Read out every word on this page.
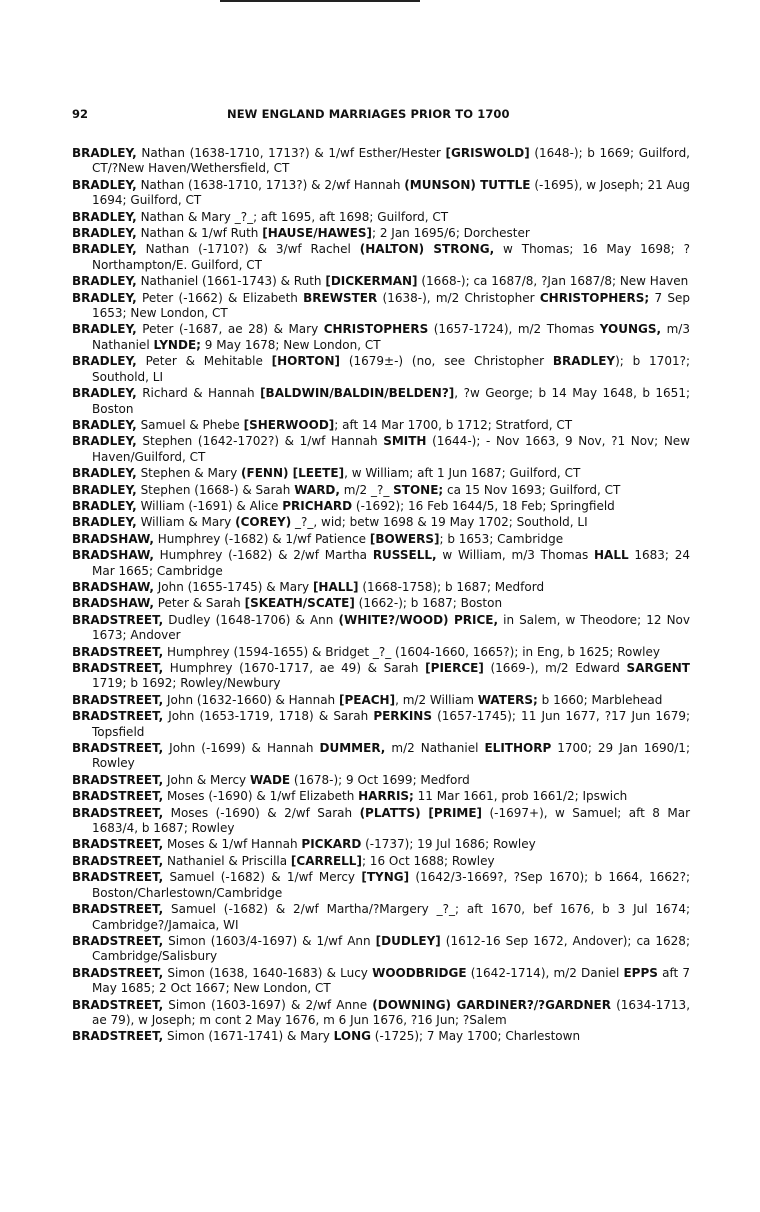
92	NEW ENGLAND MARRIAGES PRIOR TO 1700

BRADLEY, Nathan (1638-1710, 1713?) & 1/wf Esther/Hester [GRISWOLD] (1648-); b 1669; Guilford, CT/?New Haven/Wethersfield, CT

BRADLEY, Nathan (1638-1710, 1713?) & 2/wf Hannah (MUNSON) TUTTLE (-1695), w Joseph; 21 Aug 1694; Guilford, CT

BRADLEY, Nathan & Mary _?_; aft 1695, aft 1698; Guilford, CT

BRADLEY, Nathan & 1/wf Ruth [HAUSE/HAWES]; 2 Jan 1695/6; Dorchester

BRADLEY, Nathan (-1710?) & 3/wf Rachel (HALTON) STRONG, w Thomas; 16 May 1698; ?Northampton/E. Guilford, CT

BRADLEY, Nathaniel (1661-1743) & Ruth [DICKERMAN] (1668-); ca 1687/8, ?Jan 1687/8; New Haven

BRADLEY, Peter (-1662) & Elizabeth BREWSTER (1638-), m/2 Christopher CHRISTOPHERS; 7 Sep 1653; New London, CT

BRADLEY, Peter (-1687, ae 28) & Mary CHRISTOPHERS (1657-1724), m/2 Thomas YOUNGS, m/3 Nathaniel LYNDE; 9 May 1678; New London, CT

BRADLEY, Peter & Mehitable [HORTON] (1679±-) (no, see Christopher BRADLEY); b 1701?; Southold, LI

BRADLEY, Richard & Hannah [BALDWIN/BALDIN/BELDEN?], ?w George; b 14 May 1648, b 1651; Boston

BRADLEY, Samuel & Phebe [SHERWOOD]; aft 14 Mar 1700, b 1712; Stratford, CT

BRADLEY, Stephen (1642-1702?) & 1/wf Hannah SMITH (1644-); - Nov 1663, 9 Nov, ?1 Nov; New Haven/Guilford, CT

BRADLEY, Stephen & Mary (FENN) [LEETE], w William; aft 1 Jun 1687; Guilford, CT

BRADLEY, Stephen (1668-) & Sarah WARD, m/2 _?_ STONE; ca 15 Nov 1693; Guilford, CT

BRADLEY, William (-1691) & Alice PRICHARD (-1692); 16 Feb 1644/5, 18 Feb; Springfield

BRADLEY, William & Mary (COREY) _?_, wid; betw 1698 & 19 May 1702; Southold, LI

BRADSHAW, Humphrey (-1682) & 1/wf Patience [BOWERS]; b 1653; Cambridge

BRADSHAW, Humphrey (-1682) & 2/wf Martha RUSSELL, w William, m/3 Thomas HALL 1683; 24 Mar 1665; Cambridge

BRADSHAW, John (1655-1745) & Mary [HALL] (1668-1758); b 1687; Medford

BRADSHAW, Peter & Sarah [SKEATH/SCATE] (1662-); b 1687; Boston

BRADSTREET, Dudley (1648-1706) & Ann (WHITE?/WOOD) PRICE, in Salem, w Theodore; 12 Nov 1673; Andover

BRADSTREET, Humphrey (1594-1655) & Bridget _?_ (1604-1660, 1665?); in Eng, b 1625; Rowley

BRADSTREET, Humphrey (1670-1717, ae 49) & Sarah [PIERCE] (1669-), m/2 Edward SARGENT 1719; b 1692; Rowley/Newbury

BRADSTREET, John (1632-1660) & Hannah [PEACH], m/2 William WATERS; b 1660; Marblehead

BRADSTREET, John (1653-1719, 1718) & Sarah PERKINS (1657-1745); 11 Jun 1677, ?17 Jun 1679; Topsfield

BRADSTREET, John (-1699) & Hannah DUMMER, m/2 Nathaniel ELITHORP 1700; 29 Jan 1690/1; Rowley

BRADSTREET, John & Mercy WADE (1678-); 9 Oct 1699; Medford

BRADSTREET, Moses (-1690) & 1/wf Elizabeth HARRIS; 11 Mar 1661, prob 1661/2; Ipswich

BRADSTREET, Moses (-1690) & 2/wf Sarah (PLATTS) [PRIME] (-1697+), w Samuel; aft 8 Mar 1683/4, b 1687; Rowley

BRADSTREET, Moses & 1/wf Hannah PICKARD (-1737); 19 Jul 1686; Rowley

BRADSTREET, Nathaniel & Priscilla [CARRELL]; 16 Oct 1688; Rowley

BRADSTREET, Samuel (-1682) & 1/wf Mercy [TYNG] (1642/3-1669?, ?Sep 1670); b 1664, 1662?; Boston/Charlestown/Cambridge

BRADSTREET, Samuel (-1682) & 2/wf Martha/?Margery _?_; aft 1670, bef 1676, b 3 Jul 1674; Cambridge?/Jamaica, WI

BRADSTREET, Simon (1603/4-1697) & 1/wf Ann [DUDLEY] (1612-16 Sep 1672, Andover); ca 1628; Cambridge/Salisbury

BRADSTREET, Simon (1638, 1640-1683) & Lucy WOODBRIDGE (1642-1714), m/2 Daniel EPPS aft 7 May 1685; 2 Oct 1667; New London, CT

BRADSTREET, Simon (1603-1697) & 2/wf Anne (DOWNING) GARDINER?/?GARDNER (1634-1713, ae 79), w Joseph; m cont 2 May 1676, m 6 Jun 1676, ?16 Jun; ?Salem

BRADSTREET, Simon (1671-1741) & Mary LONG (-1725); 7 May 1700; Charlestown
